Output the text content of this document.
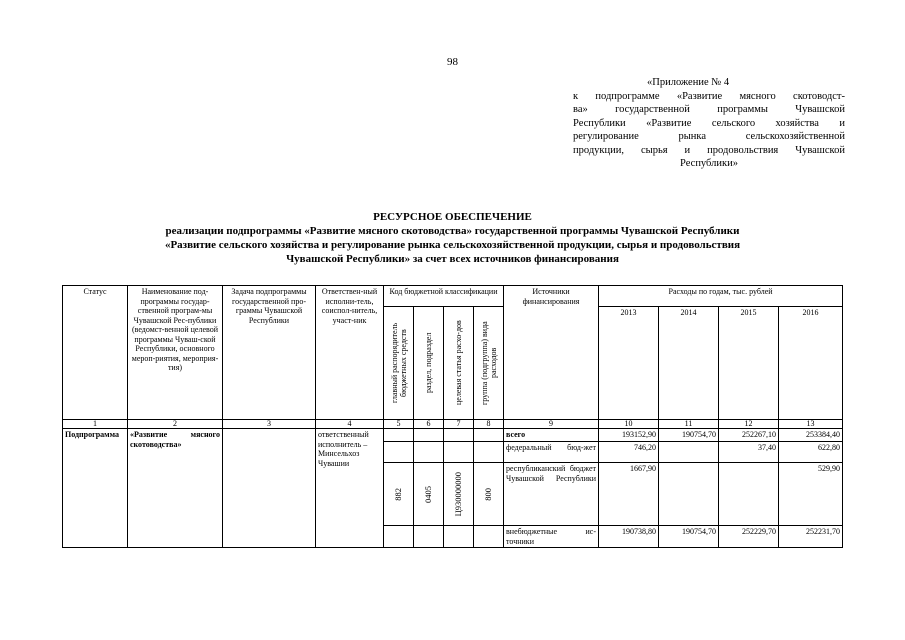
98
«Приложение № 4
к подпрограмме «Развитие мясного скотоводст-
ва» государственной программы Чувашской
Республики «Развитие сельского хозяйства и
регулирование рынка сельскохозяйственной
продукции, сырья и продовольствия Чувашской
Республики»
РЕСУРСНОЕ ОБЕСПЕЧЕНИЕ
реализации подпрограммы «Развитие мясного скотоводства» государственной программы Чувашской Республики
«Развитие сельского хозяйства и регулирование рынка сельскохозяйственной продукции, сырья и продовольствия
Чувашской Республики» за счет всех источников финансирования
Статус	Наименование под-программы государ-ственной програм-мы Чувашской Рес-публики (ведомст-венной целевой программы Чуваш-ской Республики, основного мероп-риятия, мероприя-тия)	Задача подпрограммы государственной про-граммы Чувашской Республики	Ответствен-ный исполни-тель, соиспол-нитель, участ-ник	Код бюджетной классификации				Источники финансирования	Расходы по годам, тыс. рублей			

				главный распорядитель бюджетных средств	раздел, подраздел	целевая статья расхо-дов	группа (подгруппа) вида расходов		2013	2014	2015	2016
1	2	3	4	5	6	7	8	9	10	11	12	13
Подпрограмма	«Развитие мясного скотоводства»		ответственный исполнитель – Минсельхоз Чувашии					всего	193152,90	190754,70	252267,10	253384,40
								федеральный бюд-жет	746,20		37,40	622,80

				882	0405	Ц930000000	800	республиканский бюджет Чувашской Республики	1667,90			529,90
								внебюджетные ис-точники	190738,80	190754,70	252229,70	252231,70
